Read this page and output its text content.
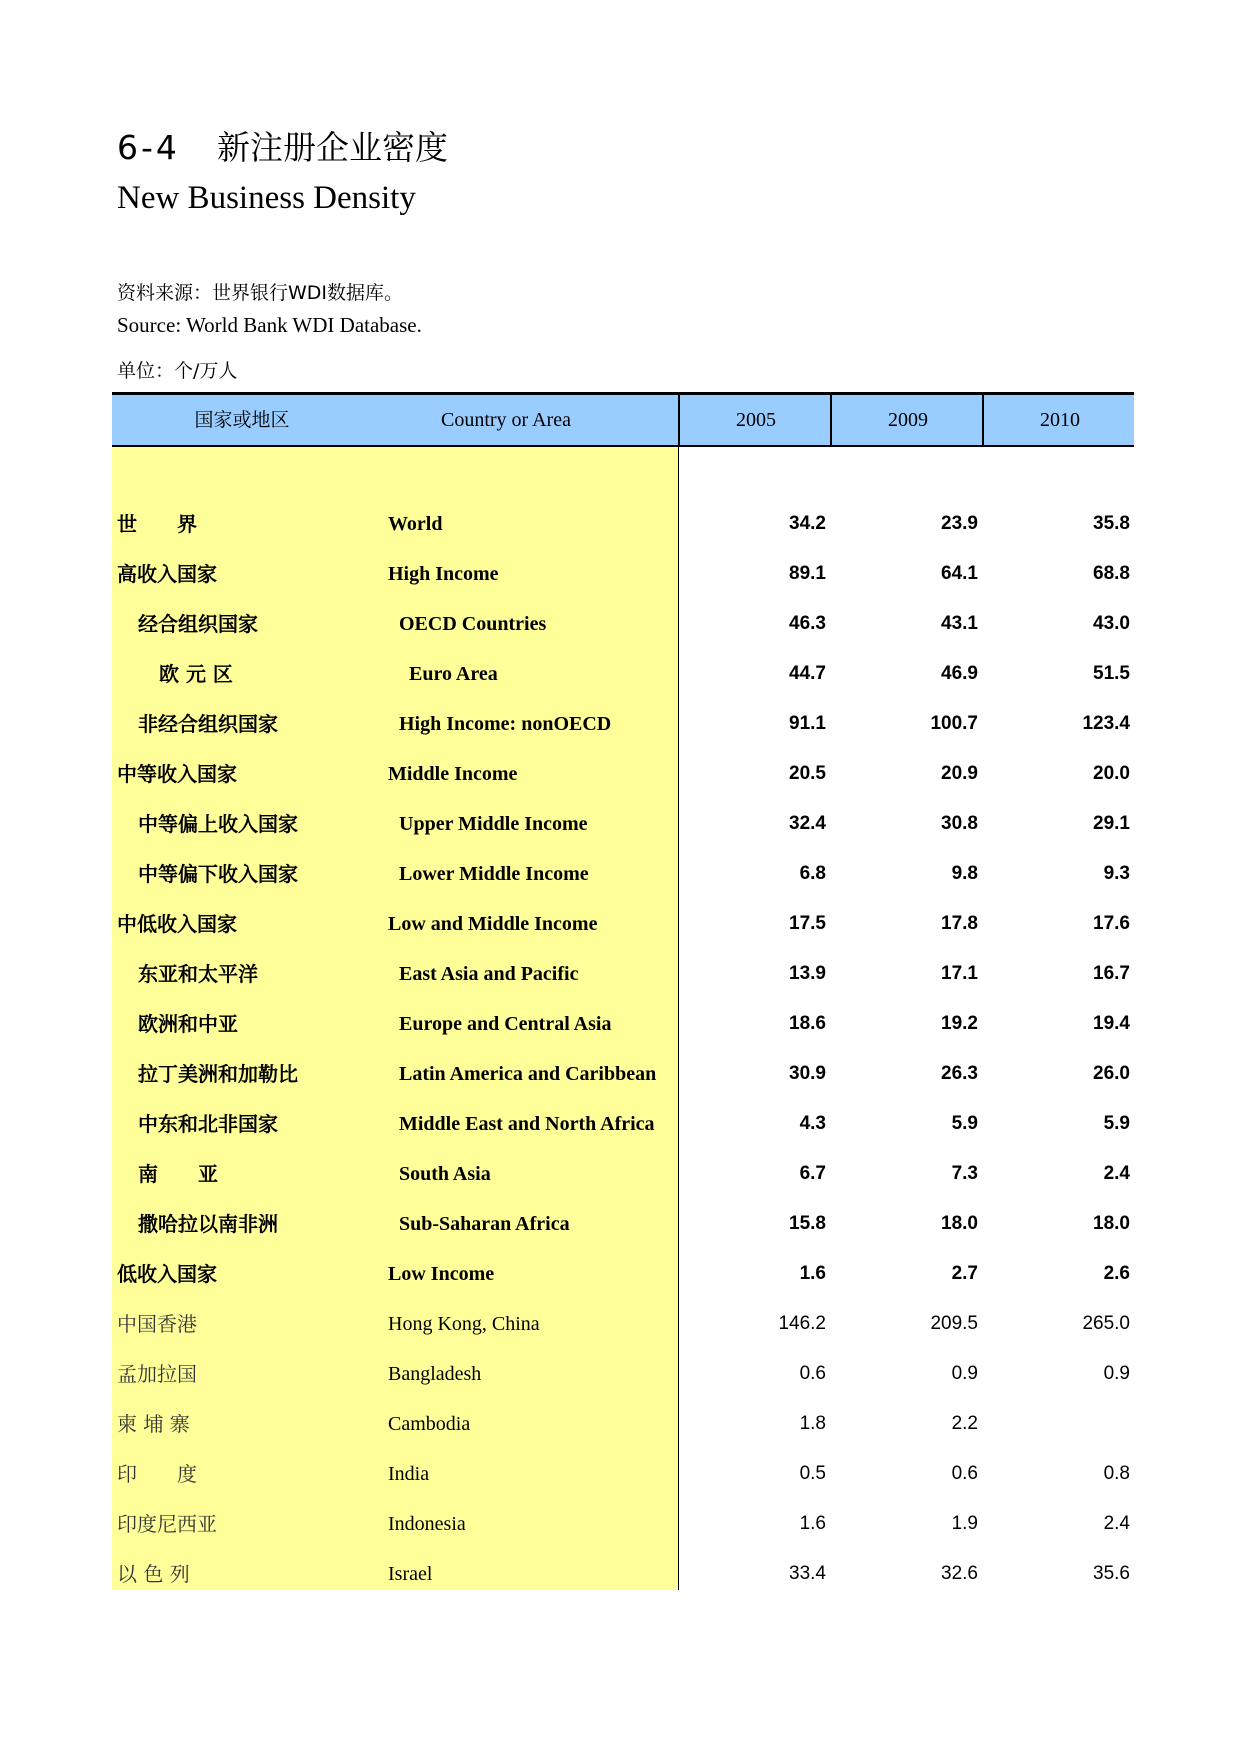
6-4 新注册企业密度
New Business Density
资料来源：世界银行WDI数据库。
Source: World Bank WDI Database.
单位：个/万人
国家或地区	Country or Area	2005	2009	2010
世　　界	World	34.2	23.9	35.8
高收入国家	High Income	89.1	64.1	68.8
经合组织国家	OECD Countries	46.3	43.1	43.0
欧 元 区	Euro Area	44.7	46.9	51.5
非经合组织国家	High Income: nonOECD	91.1	100.7	123.4
中等收入国家	Middle Income	20.5	20.9	20.0
中等偏上收入国家	Upper Middle Income	32.4	30.8	29.1
中等偏下收入国家	Lower Middle Income	6.8	9.8	9.3
中低收入国家	Low and Middle Income	17.5	17.8	17.6
东亚和太平洋	East Asia and Pacific	13.9	17.1	16.7
欧洲和中亚	Europe and Central Asia	18.6	19.2	19.4
拉丁美洲和加勒比	Latin America and Caribbean	30.9	26.3	26.0
中东和北非国家	Middle East and North Africa	4.3	5.9	5.9
南　　亚	South Asia	6.7	7.3	2.4
撒哈拉以南非洲	Sub-Saharan Africa	15.8	18.0	18.0
低收入国家	Low Income	1.6	2.7	2.6
中国香港	Hong Kong, China	146.2	209.5	265.0
孟加拉国	Bangladesh	0.6	0.9	0.9
柬 埔 寨	Cambodia	1.8	2.2
印　　度	India	0.5	0.6	0.8
印度尼西亚	Indonesia	1.6	1.9	2.4
以 色 列	Israel	33.4	32.6	35.6
